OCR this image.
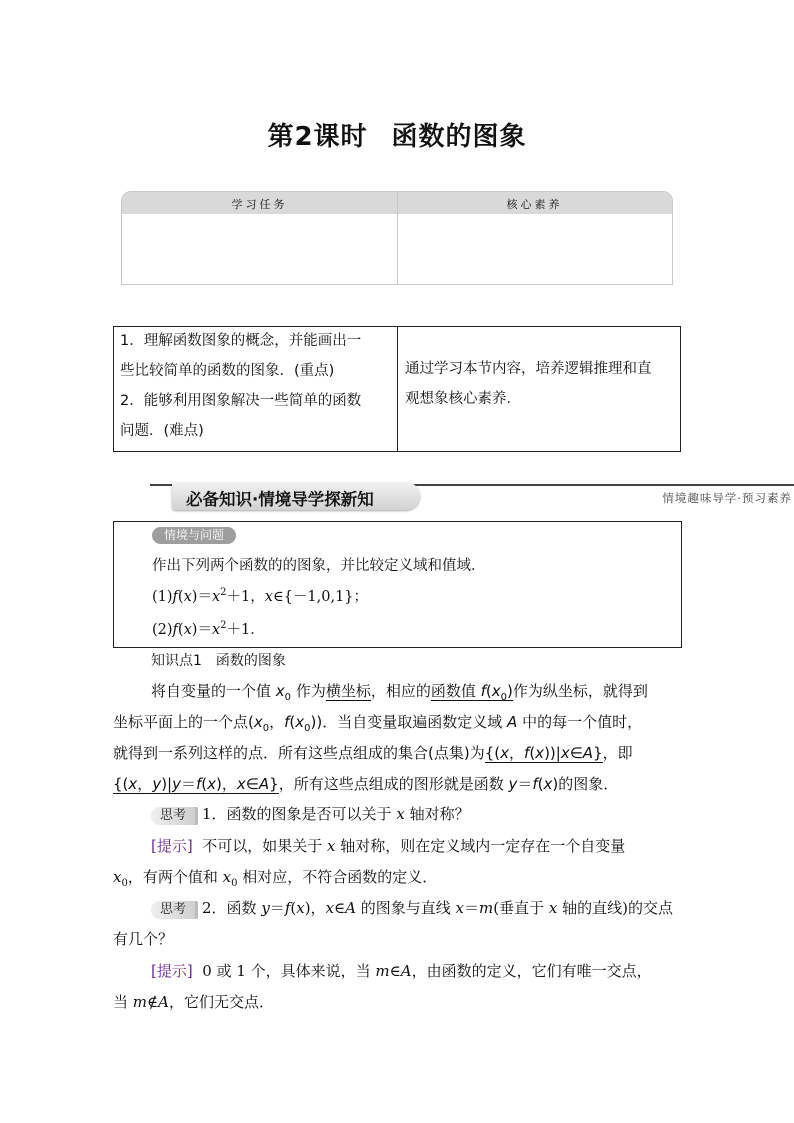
第2课时 函数的图象
学习任务	核心素养
1．理解函数图象的概念，并能画出一
些比较简单的函数的图象．(重点)
2．能够利用图象解决一些简单的函数
问题．(难点)
通过学习本节内容，培养逻辑推理和直
观想象核心素养．
必备知识·情境导学探新知	情境趣味导学·预习素养
情境与问题
作出下列两个函数的的图象，并比较定义域和值域．
$(1)f(x)=x^2+1$，x∈{－1,0,1}；
$(2)f(x)=x^2+1$．
知识点1　函数的图象
将自变量的一个值 $x_0$ 作为横坐标，相应的函数值 $f(x_0)$作为纵坐标，就得到
坐标平面上的一个点($x_0$，$f(x_0)$)．当自变量取遍函数定义域 A 中的每一个值时，
就得到一系列这样的点．所有这些点组成的集合(点集)为{(x，f(x))|x∈A}，即
{(x，y)|y＝f(x)，x∈A}，所有这些点组成的图形就是函数 y＝f(x)的图象．
思考 1．函数的图象是否可以关于 x 轴对称？
[提示]  不可以，如果关于 x 轴对称，则在定义域内一定存在一个自变量
$x_0$，有两个值和 $x_0$ 相对应，不符合函数的定义．
思考 2．函数 y＝f(x)，x∈A 的图象与直线 x＝m(垂直于 x 轴的直线)的交点
有几个？
[提示]  0 或 1 个，具体来说，当 m∈A，由函数的定义，它们有唯一交点，
当 m∉A，它们无交点．
